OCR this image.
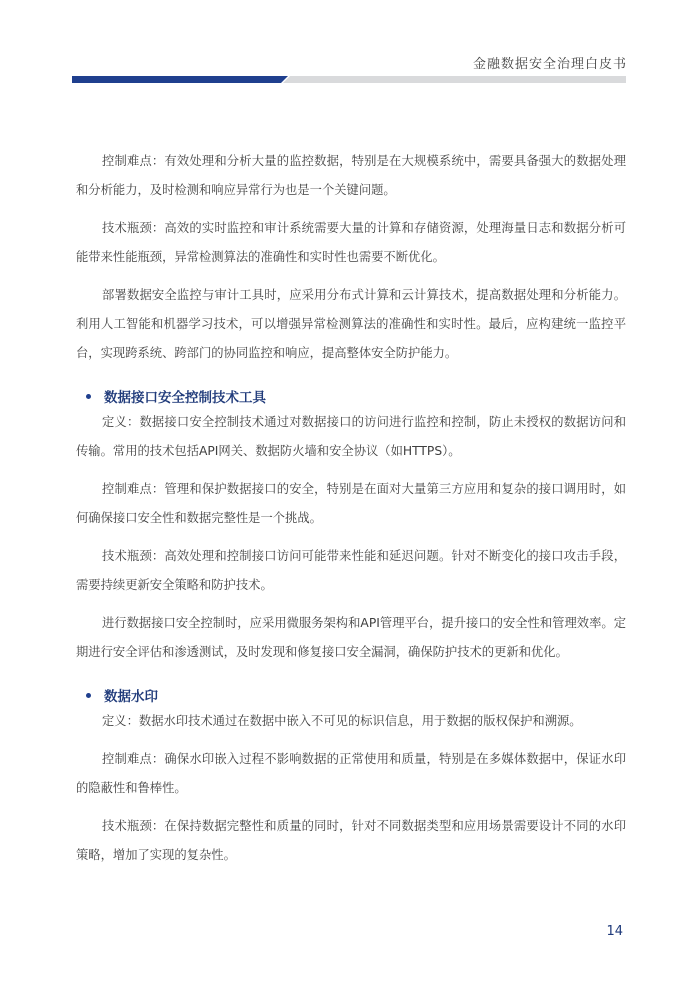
金融数据安全治理白皮书

控制难点：有效处理和分析大量的监控数据，特别是在大规模系统中，需要具备强大的数据处理和分析能力，及时检测和响应异常行为也是一个关键问题。

技术瓶颈：高效的实时监控和审计系统需要大量的计算和存储资源，处理海量日志和数据分析可能带来性能瓶颈，异常检测算法的准确性和实时性也需要不断优化。

部署数据安全监控与审计工具时，应采用分布式计算和云计算技术，提高数据处理和分析能力。利用人工智能和机器学习技术，可以增强异常检测算法的准确性和实时性。最后，应构建统一监控平台，实现跨系统、跨部门的协同监控和响应，提高整体安全防护能力。

数据接口安全控制技术工具

定义：数据接口安全控制技术通过对数据接口的访问进行监控和控制，防止未授权的数据访问和传输。常用的技术包括API网关、数据防火墙和安全协议（如HTTPS）。

控制难点：管理和保护数据接口的安全，特别是在面对大量第三方应用和复杂的接口调用时，如何确保接口安全性和数据完整性是一个挑战。

技术瓶颈：高效处理和控制接口访问可能带来性能和延迟问题。针对不断变化的接口攻击手段，需要持续更新安全策略和防护技术。

进行数据接口安全控制时，应采用微服务架构和API管理平台，提升接口的安全性和管理效率。定期进行安全评估和渗透测试，及时发现和修复接口安全漏洞，确保防护技术的更新和优化。

数据水印

定义：数据水印技术通过在数据中嵌入不可见的标识信息，用于数据的版权保护和溯源。

控制难点：确保水印嵌入过程不影响数据的正常使用和质量，特别是在多媒体数据中，保证水印的隐蔽性和鲁棒性。

技术瓶颈：在保持数据完整性和质量的同时，针对不同数据类型和应用场景需要设计不同的水印策略，增加了实现的复杂性。

14
